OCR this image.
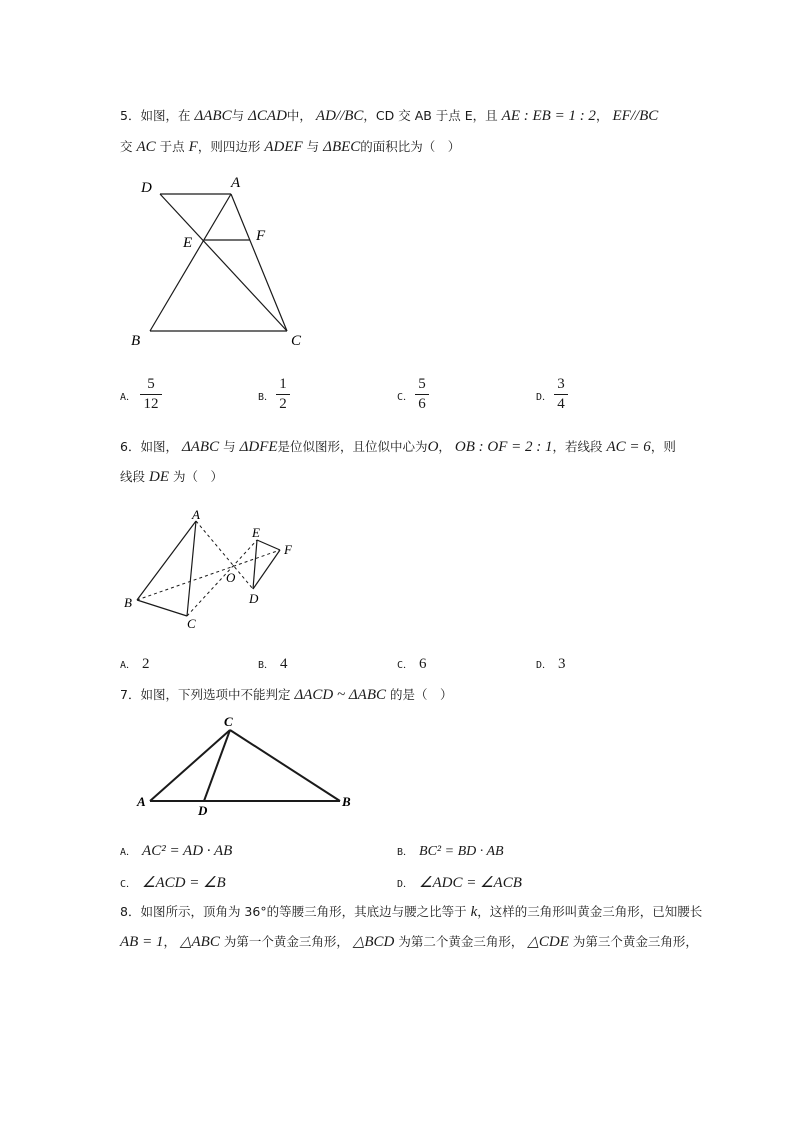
5．如图，在 ΔABC与 ΔCAD中， AD//BC，CD 交 AB 于点 E，且 AE : EB = 1 : 2， EF//BC
交 AC 于点 F，则四边形 ADEF 与 ΔBEC的面积比为（　）
D	A
E	F
B	C
A．
5
12	B．
1
2	C．
5
6	D．
3
4
6．如图， ΔABC 与 ΔDFE是位似图形，且位似中心为O， OB : OF = 2 : 1，若线段 AC = 6，则
线段 DE 为（　）
A
B
C
O
E
F
D
A． 2	B． 4	C． 6	D． 3
7．如图，下列选项中不能判定 ΔACD ~ ΔABC 的是（　）
C
A
D
B
A． AC² = AD · AB	B． BC² = BD · AB
C． ∠ACD = ∠B	D． ∠ADC = ∠ACB
8．如图所示，顶角为 36°的等腰三角形，其底边与腰之比等于 k，这样的三角形叫黄金三角形，已知腰长
AB = 1， △ABC 为第一个黄金三角形， △BCD 为第二个黄金三角形， △CDE 为第三个黄金三角形，
